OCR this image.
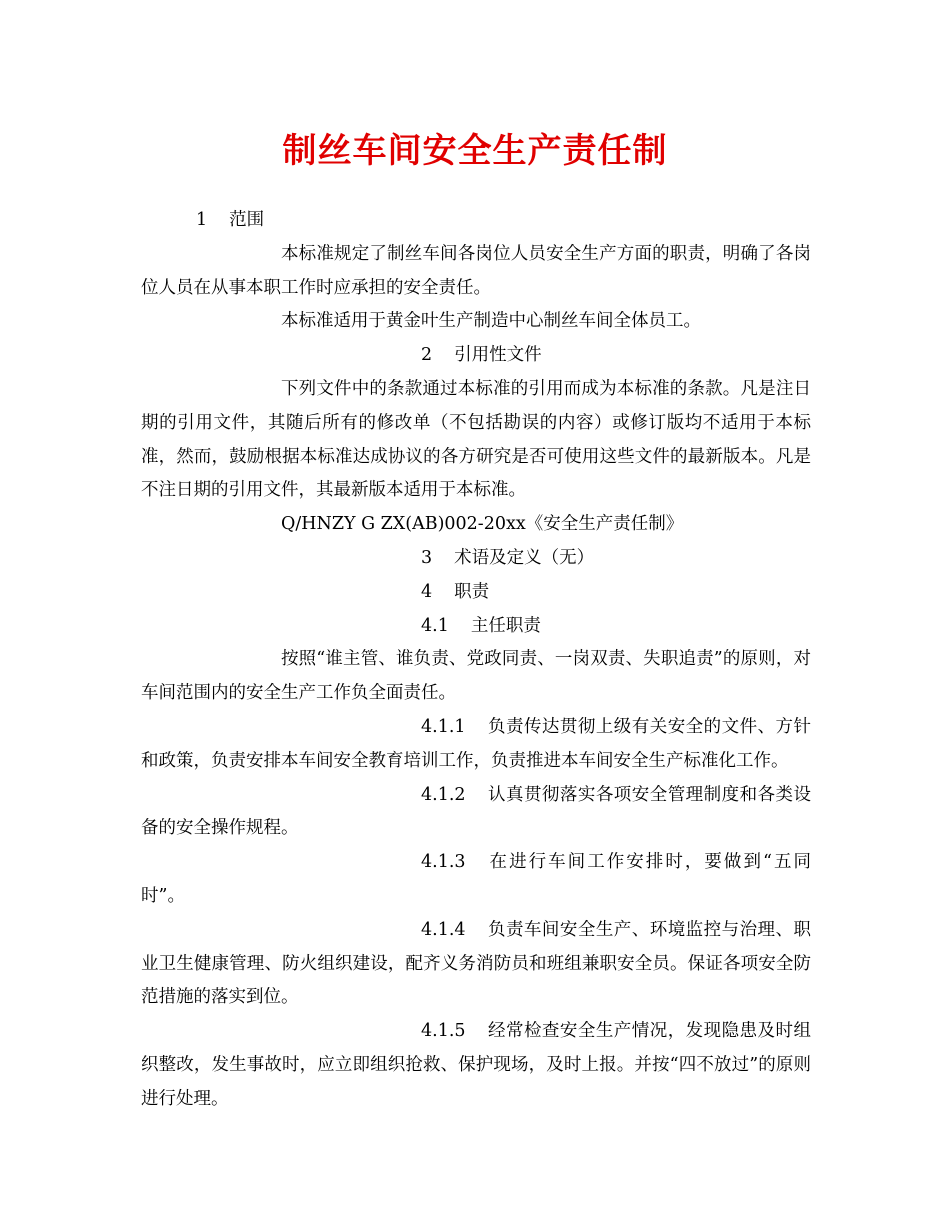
制丝车间安全生产责任制

1 范围

本标准规定了制丝车间各岗位人员安全生产方面的职责，明确了各岗位人员在从事本职工作时应承担的安全责任。

本标准适用于黄金叶生产制造中心制丝车间全体员工。

2 引用性文件

下列文件中的条款通过本标准的引用而成为本标准的条款。凡是注日期的引用文件，其随后所有的修改单（不包括勘误的内容）或修订版均不适用于本标准，然而，鼓励根据本标准达成协议的各方研究是否可使用这些文件的最新版本。凡是不注日期的引用文件，其最新版本适用于本标准。

Q/HNZY G ZX(AB)002-20xx《安全生产责任制》

3 术语及定义（无）

4 职责

4.1 主任职责

按照“谁主管、谁负责、党政同责、一岗双责、失职追责”的原则，对车间范围内的安全生产工作负全面责任。

4.1.1 负责传达贯彻上级有关安全的文件、方针和政策，负责安排本车间安全教育培训工作，负责推进本车间安全生产标准化工作。

4.1.2 认真贯彻落实各项安全管理制度和各类设备的安全操作规程。

4.1.3 在进行车间工作安排时，要做到“五同时”。

4.1.4 负责车间安全生产、环境监控与治理、职业卫生健康管理、防火组织建设，配齐义务消防员和班组兼职安全员。保证各项安全防范措施的落实到位。

4.1.5 经常检查安全生产情况，发现隐患及时组织整改，发生事故时，应立即组织抢救、保护现场，及时上报。并按“四不放过”的原则进行处理。
